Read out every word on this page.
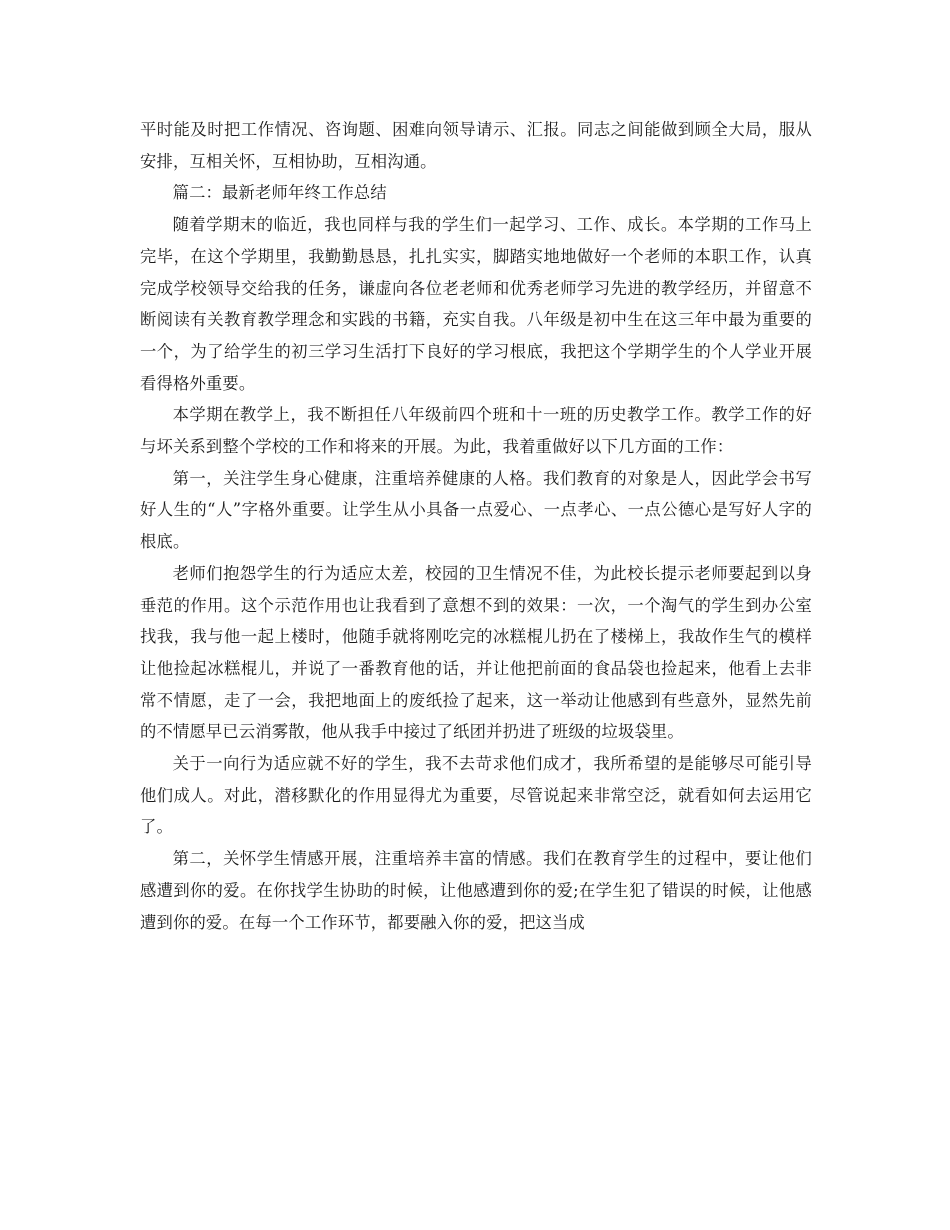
平时能及时把工作情况、咨询题、困难向领导请示、汇报。同志之间能做到顾全大局，服从安排，互相关怀，互相协助，互相沟通。

篇二：最新老师年终工作总结

随着学期末的临近，我也同样与我的学生们一起学习、工作、成长。本学期的工作马上完毕，在这个学期里，我勤勤恳恳，扎扎实实，脚踏实地地做好一个老师的本职工作，认真完成学校领导交给我的任务，谦虚向各位老老师和优秀老师学习先进的教学经历，并留意不断阅读有关教育教学理念和实践的书籍，充实自我。八年级是初中生在这三年中最为重要的一个，为了给学生的初三学习生活打下良好的学习根底，我把这个学期学生的个人学业开展看得格外重要。

本学期在教学上，我不断担任八年级前四个班和十一班的历史教学工作。教学工作的好与坏关系到整个学校的工作和将来的开展。为此，我着重做好以下几方面的工作：

第一，关注学生身心健康，注重培养健康的人格。我们教育的对象是人，因此学会书写好人生的“人”字格外重要。让学生从小具备一点爱心、一点孝心、一点公德心是写好人字的根底。

老师们抱怨学生的行为适应太差，校园的卫生情况不佳，为此校长提示老师要起到以身垂范的作用。这个示范作用也让我看到了意想不到的效果：一次，一个淘气的学生到办公室找我，我与他一起上楼时，他随手就将刚吃完的冰糕棍儿扔在了楼梯上，我故作生气的模样让他捡起冰糕棍儿，并说了一番教育他的话，并让他把前面的食品袋也捡起来，他看上去非常不情愿，走了一会，我把地面上的废纸捡了起来，这一举动让他感到有些意外，显然先前的不情愿早已云消雾散，他从我手中接过了纸团并扔进了班级的垃圾袋里。

关于一向行为适应就不好的学生，我不去苛求他们成才，我所希望的是能够尽可能引导他们成人。对此，潜移默化的作用显得尤为重要，尽管说起来非常空泛，就看如何去运用它了。

第二，关怀学生情感开展，注重培养丰富的情感。我们在教育学生的过程中，要让他们感遭到你的爱。在你找学生协助的时候，让他感遭到你的爱;在学生犯了错误的时候，让他感遭到你的爱。在每一个工作环节，都要融入你的爱，把这当成
